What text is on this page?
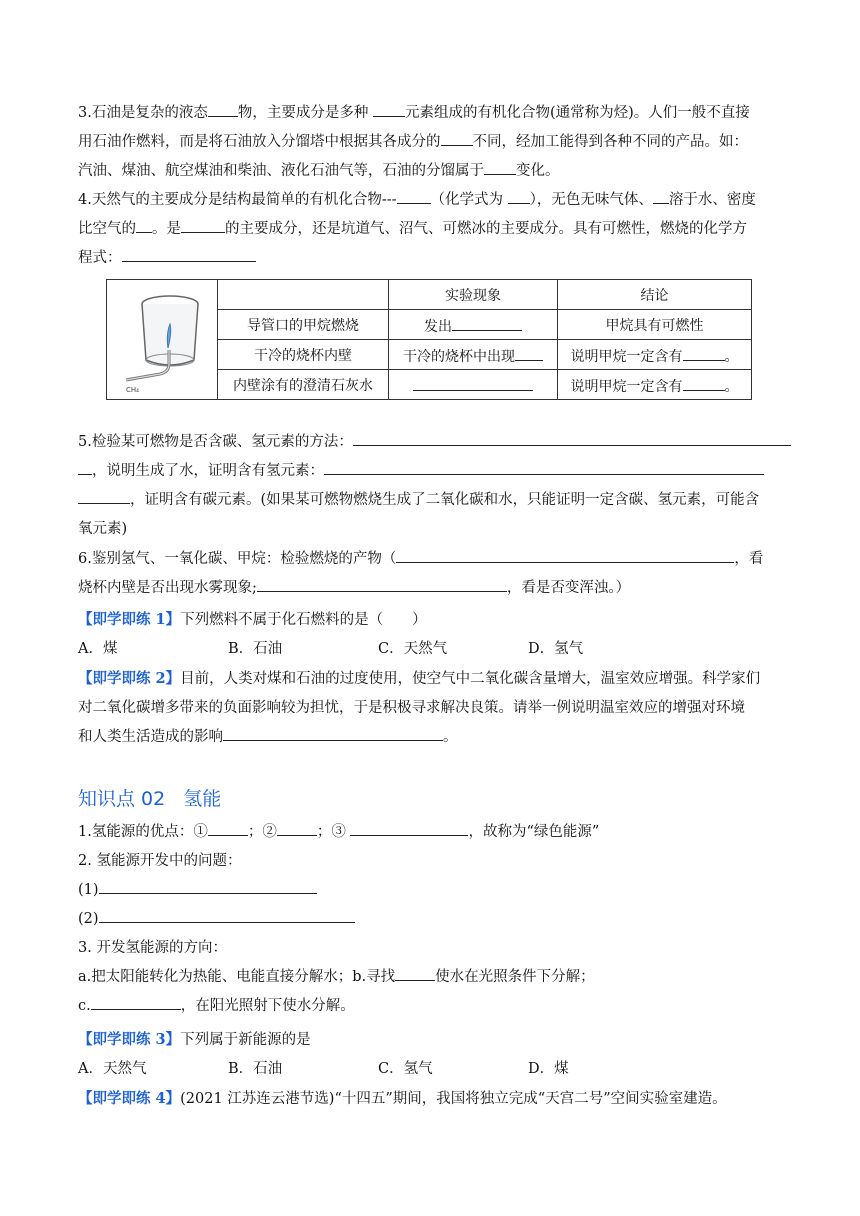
3.石油是复杂的液态 物，主要成分是多种 元素组成的有机化合物(通常称为烃)。人们一般不直接
用石油作燃料，而是将石油放入分馏塔中根据其各成分的 不同，经加工能得到各种不同的产品。如：
汽油、煤油、航空煤油和柴油、液化石油气等，石油的分馏属于 变化。
4.天然气的主要成分是结构最简单的有机化合物--- （化学式为 ），无色无味气体、 溶于水、密度
比空气的 。是	的主要成分，还是坑道气、沼气、可燃冰的主要成分。具有可燃性，燃烧的化学方
程式：
CH₄		实验现象	结论
	导管口的甲烷燃烧	发出	甲烷具有可燃性
	干冷的烧杯内壁	干冷的烧杯中出现	说明甲烷一定含有 。
	内壁涂有的澄清石灰水		说明甲烷一定含有 。
5.检验某可燃物是否含碳、氢元素的方法：
，说明生成了水，证明含有氢元素：
，证明含有碳元素。(如果某可燃物燃烧生成了二氧化碳和水，只能证明一定含碳、氢元素，可能含
氧元素)
6.鉴别氢气、一氧化碳、甲烷：检验燃烧的产物（	，看
烧杯内壁是否出现水雾现象;	，看是否变浑浊。）
【即学即练 1】下列燃料不属于化石燃料的是（　　）
A．煤	B．石油	C．天然气	D．氢气
【即学即练 2】目前，人类对煤和石油的过度使用，使空气中二氧化碳含量增大，温室效应增强。科学家们
对二氧化碳增多带来的负面影响较为担忧，于是积极寻求解决良策。请举一例说明温室效应的增强对环境
和人类生活造成的影响	。
知识点 02 氢能
1.氢能源的优点：①	；②	；③	，故称为“绿色能源”
2. 氢能源开发中的问题：
(1)
(2)
3. 开发氢能源的方向：
a.把太阳能转化为热能、电能直接分解水；b.寻找	使水在光照条件下分解；
c.	，在阳光照射下使水分解。
【即学即练 3】下列属于新能源的是
A．天然气	B．石油	C．氢气	D．煤
【即学即练 4】(2021 江苏连云港节选)“十四五”期间，我国将独立完成“天宫二号”空间实验室建造。
